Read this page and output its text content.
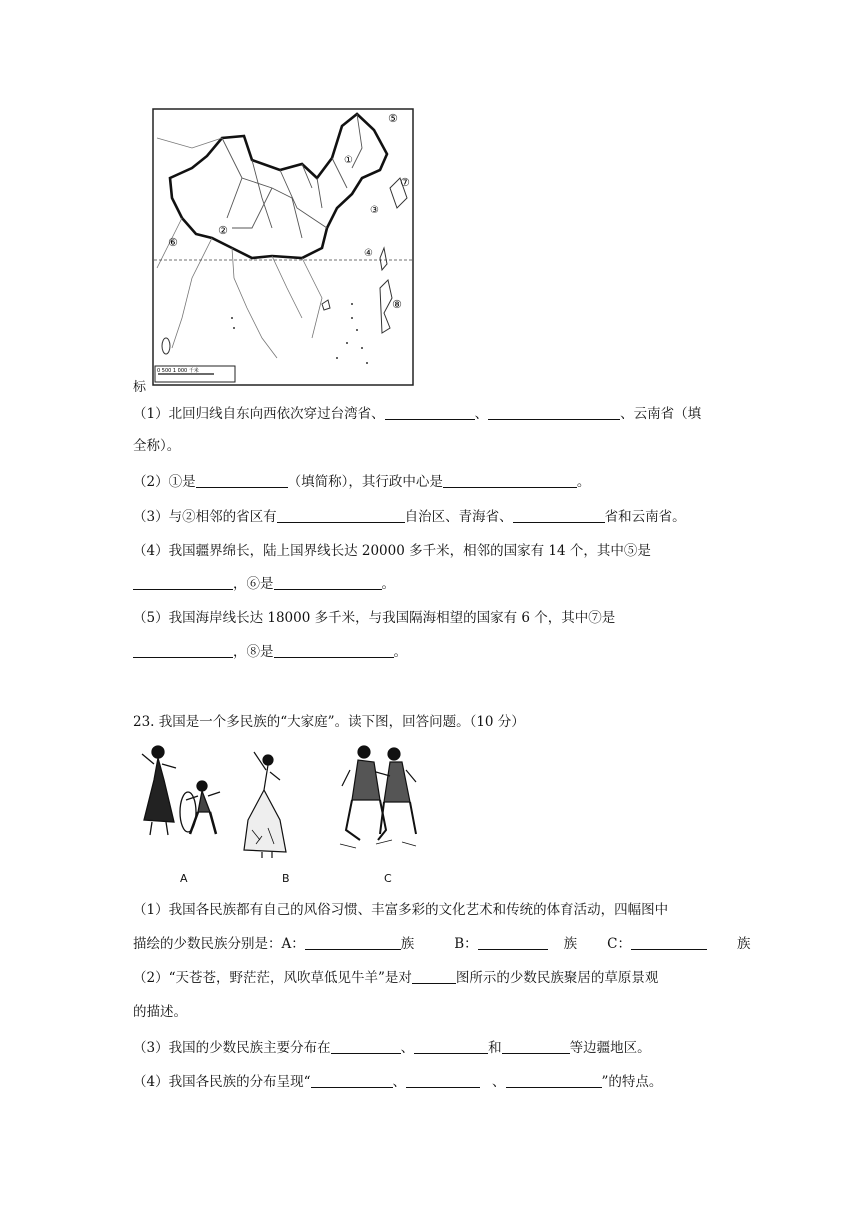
①
②
③
④
⑤
⑥
⑦
⑧
0 500 1 000 千米
标
（1）北回归线自东向西依次穿过台湾省、	、	、云南省（填
全称）。
（2）①是	（填简称），其行政中心是	。
（3）与②相邻的省区有	自治区、青海省、	省和云南省。
（4）我国疆界绵长，陆上国界线长达 20000 多千米，相邻的国家有 14 个，其中⑤是
，⑥是	。
（5）我国海岸线长达 18000 多千米，与我国隔海相望的国家有 6 个，其中⑦是
，⑧是	。
23. 我国是一个多民族的“大家庭”。读下图，回答问题。（10 分）
A	B	C
（1）我国各民族都有自己的风俗习惯、丰富多彩的文化艺术和传统的体育活动，四幅图中
描绘的少数民族分别是：A：	族	B：	族 C：	族
（2）“天苍苍，野茫茫，风吹草低见牛羊”是对	图所示的少数民族聚居的草原景观
的描述。
（3）我国的少数民族主要分布在	、	和	等边疆地区。
（4）我国各民族的分布呈现“	、	、	”的特点。
